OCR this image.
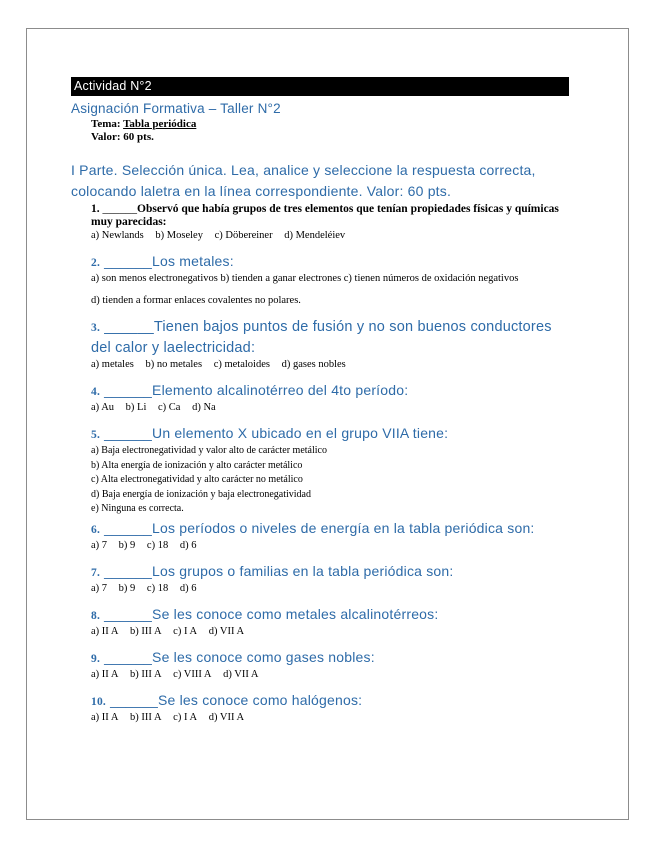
Actividad N°2
Asignación Formativa – Taller N°2
Tema: Tabla periódica
Valor: 60 pts.
I Parte. Selección única. Lea, analice y seleccione la respuesta correcta, colocando laletra en la línea correspondiente. Valor: 60 pts.
1. ______Observó que había grupos de tres elementos que tenían propiedades físicas y químicas muy parecidas:
a) Newlands b) Moseley c) Döbereiner d) Mendeléiev
2. ______Los metales:
a) son menos electronegativos b) tienden a ganar electrones c) tienen números de oxidación negativos
d) tienden a formar enlaces covalentes no polares.
3. ______Tienen bajos puntos de fusión y no son buenos conductores del calor y laelectricidad:
a) metales b) no metales c) metaloides d) gases nobles
4. ______Elemento alcalinotérreo del 4to período:
a) Au b) Li c) Ca d) Na
5. ______Un elemento X ubicado en el grupo VIIA tiene:
a) Baja electronegatividad y valor alto de carácter metálico
b) Alta energía de ionización y alto carácter metálico
c) Alta electronegatividad y alto carácter no metálico
d) Baja energía de ionización y baja electronegatividad
e) Ninguna es correcta.
6. ______Los períodos o niveles de energía en la tabla periódica son:
a) 7 b) 9 c) 18 d) 6
7. ______Los grupos o familias en la tabla periódica son:
a) 7 b) 9 c) 18 d) 6
8. ______Se les conoce como metales alcalinotérreos:
a) II A b) III A c) I A d) VII A
9. ______Se les conoce como gases nobles:
a) II A b) III A c) VIII A d) VII A
10. ______Se les conoce como halógenos:
a) II A b) III A c) I A d) VII A
